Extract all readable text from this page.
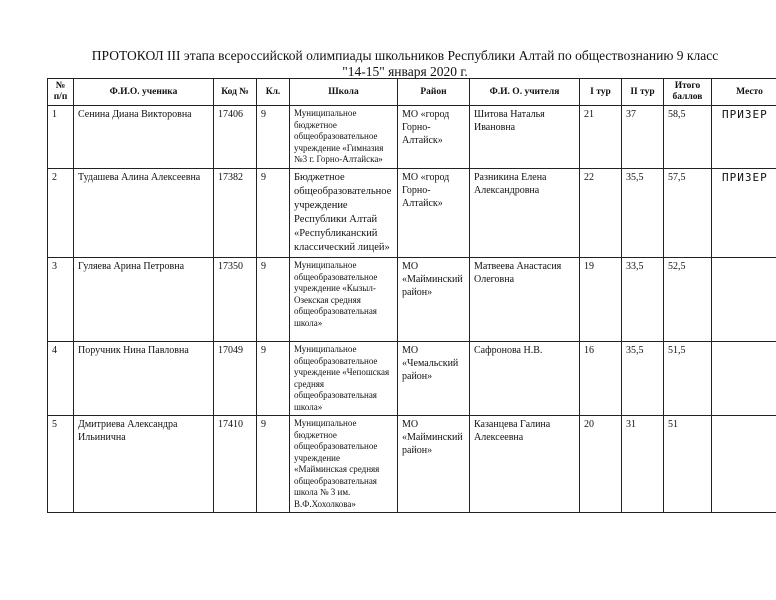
ПРОТОКОЛ III этапа всероссийской олимпиады школьников Республики Алтай по обществознанию 9 класс
"14-15" января 2020 г.
№ п/п	Ф.И.О. ученика	Код №	Кл.	Школа	Район	Ф.И. О. учителя	I тур	II тур	Итого баллов	Место
1	Сенина Диана Викторовна	17406	9	Муниципальное бюджетное общеобразовательное учреждение «Гимназия №3 г. Горно-Алтайска»	МО «город Горно-Алтайск»	Шитова Наталья Ивановна	21	37	58,5	ПРИЗЕР
2	Тудашева Алина Алексеевна	17382	9	Бюджетное общеобразовательное учреждение Республики Алтай «Республиканский классический лицей»	МО «город Горно-Алтайск»	Разникина Елена Александровна	22	35,5	57,5	ПРИЗЕР
3	Гуляева Арина Петровна	17350	9	Муниципальное общеобразовательное учреждение «Кызыл-Озекская средняя общеобразовательная школа»	МО «Майминский район»	Матвеева Анастасия Олеговна	19	33,5	52,5	
4	Поручник Нина Павловна	17049	9	Муниципальное общеобразовательное учреждение «Чепошская средняя общеобразовательная школа»	МО «Чемальский район»	Сафронова Н.В.	16	35,5	51,5	
5	Дмитриева Александра Ильинична	17410	9	Муниципальное бюджетное общеобразовательное учреждение «Майминская средняя общеобразовательная школа № 3 им. В.Ф.Хохолкова»	МО «Майминский район»	Казанцева Галина Алексеевна	20	31	51	
